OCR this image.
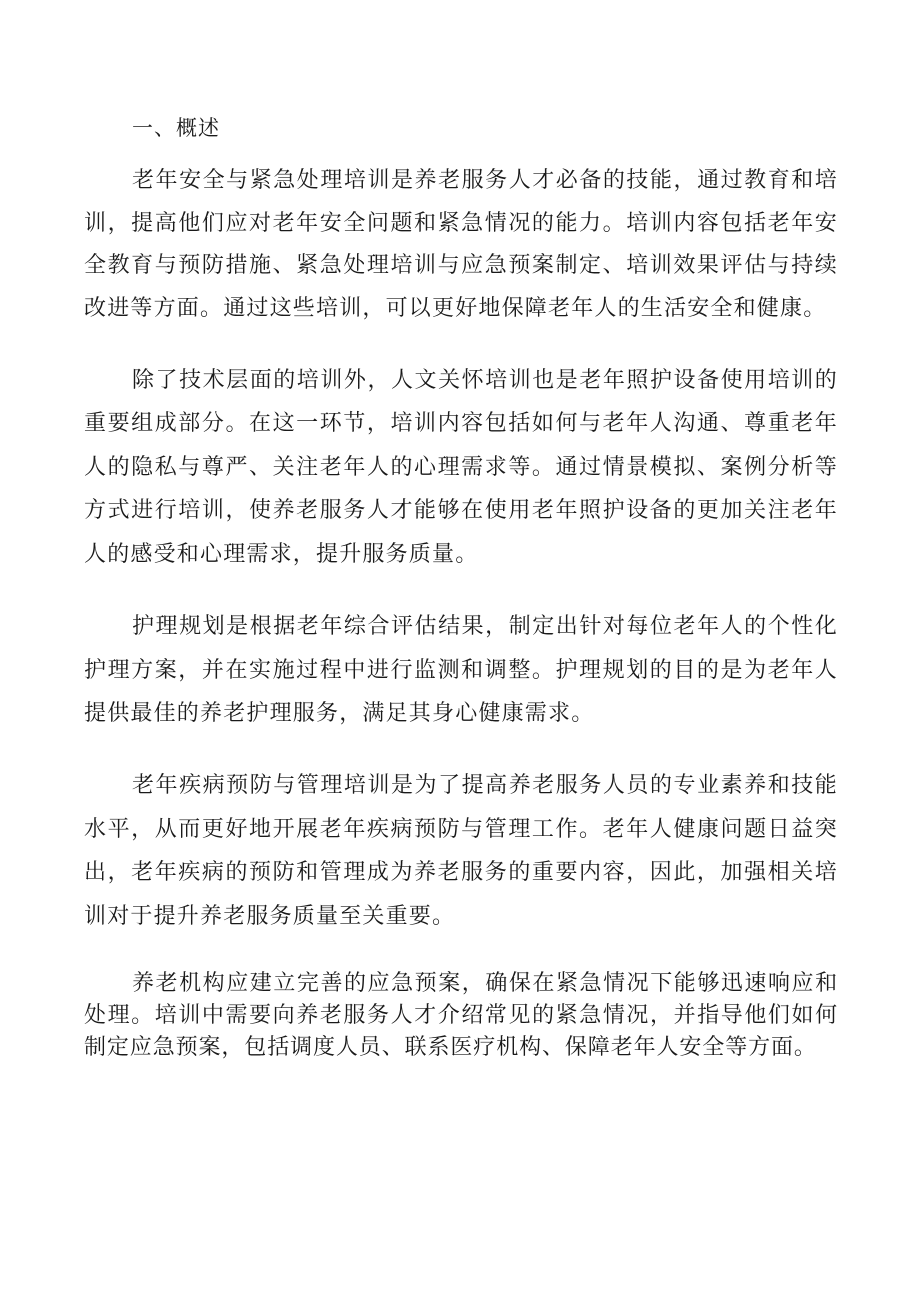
一、概述

老年安全与紧急处理培训是养老服务人才必备的技能，通过教育和培训，提高他们应对老年安全问题和紧急情况的能力。培训内容包括老年安全教育与预防措施、紧急处理培训与应急预案制定、培训效果评估与持续改进等方面。通过这些培训，可以更好地保障老年人的生活安全和健康。

除了技术层面的培训外，人文关怀培训也是老年照护设备使用培训的重要组成部分。在这一环节，培训内容包括如何与老年人沟通、尊重老年人的隐私与尊严、关注老年人的心理需求等。通过情景模拟、案例分析等方式进行培训，使养老服务人才能够在使用老年照护设备的更加关注老年人的感受和心理需求，提升服务质量。

护理规划是根据老年综合评估结果，制定出针对每位老年人的个性化护理方案，并在实施过程中进行监测和调整。护理规划的目的是为老年人提供最佳的养老护理服务，满足其身心健康需求。

老年疾病预防与管理培训是为了提高养老服务人员的专业素养和技能水平，从而更好地开展老年疾病预防与管理工作。老年人健康问题日益突出，老年疾病的预防和管理成为养老服务的重要内容，因此，加强相关培训对于提升养老服务质量至关重要。

养老机构应建立完善的应急预案，确保在紧急情况下能够迅速响应和处理。培训中需要向养老服务人才介绍常见的紧急情况，并指导他们如何制定应急预案，包括调度人员、联系医疗机构、保障老年人安全等方面。
